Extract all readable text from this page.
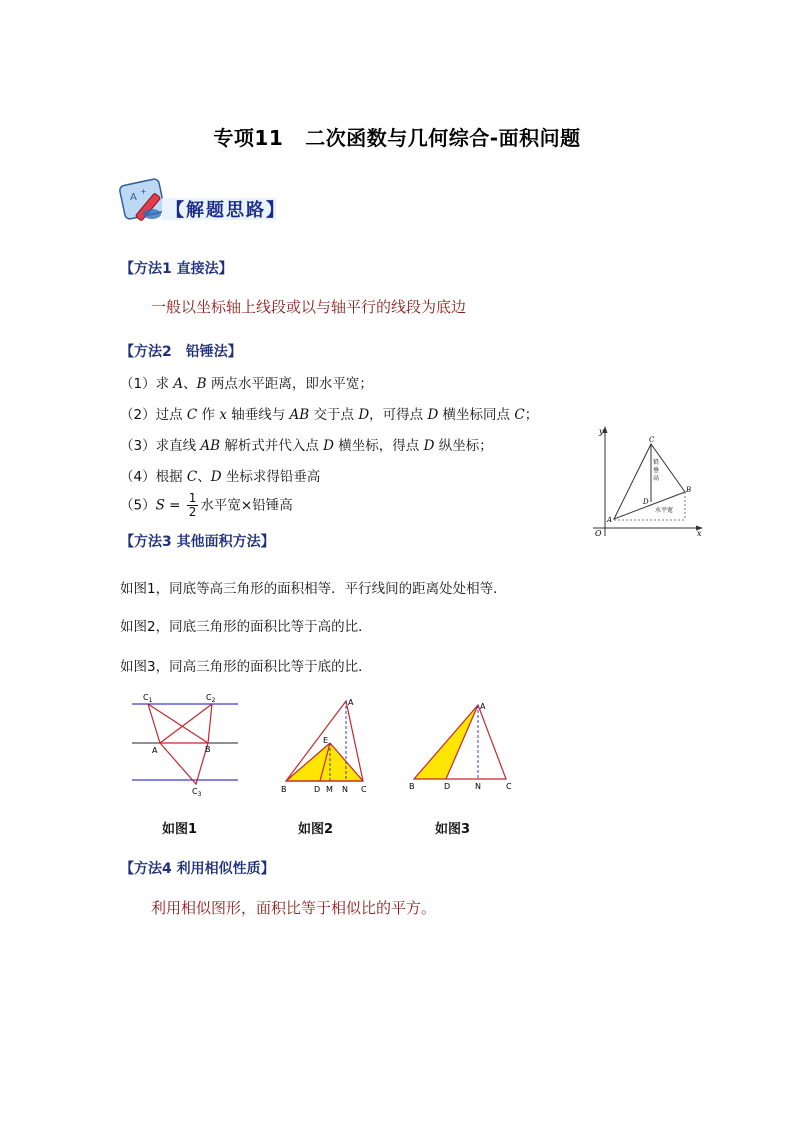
专项11 二次函数与几何综合-面积问题
A
+
【解题思路】
【方法1 直接法】
一般以坐标轴上线段或以与轴平行的线段为底边
【方法2　铅锤法】
（1）求 A、B 两点水平距离，即水平宽；
（2）过点 C 作 x 轴垂线与 AB 交于点 D，可得点 D 横坐标同点 C；
（3）求直线 AB 解析式并代入点 D 横坐标，得点 D 纵坐标；
（4）根据 C、D 坐标求得铅垂高
$(5)S = \frac{1}{2}$ 水平宽×铅锤高
y
x
O
A
B
C
D
铅
垂
高
水平宽
【方法3 其他面积方法】
如图1，同底等高三角形的面积相等．平行线间的距离处处相等．
如图2，同底三角形的面积比等于高的比．
如图3，同高三角形的面积比等于底的比．
$C_1$	$C_2$
$C_3$
A	B
如图1
A
E
B	D M N C
如图2
A
B	D	N	C
如图3
【方法4 利用相似性质】
利用相似图形，面积比等于相似比的平方。
